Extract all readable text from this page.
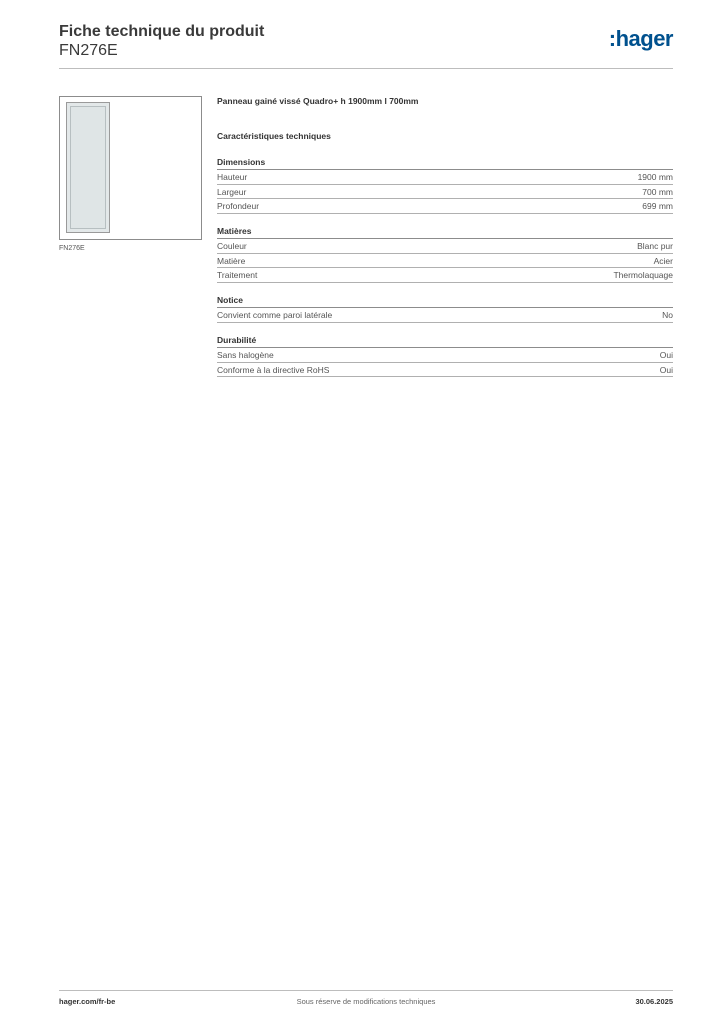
Fiche technique du produit
FN276E	:hager
FN276E
Panneau gainé vissé Quadro+ h 1900mm l 700mm
Caractéristiques techniques
Dimensions
Hauteur	1900 mm
Largeur	700 mm
Profondeur	699 mm
Matières
Couleur	Blanc pur
Matière	Acier
Traitement	Thermolaquage
Notice
Convient comme paroi latérale	No
Durabilité
Sans halogène	Oui
Conforme à la directive RoHS	Oui
hager.com/fr-be	Sous réserve de modifications techniques	30.06.2025
